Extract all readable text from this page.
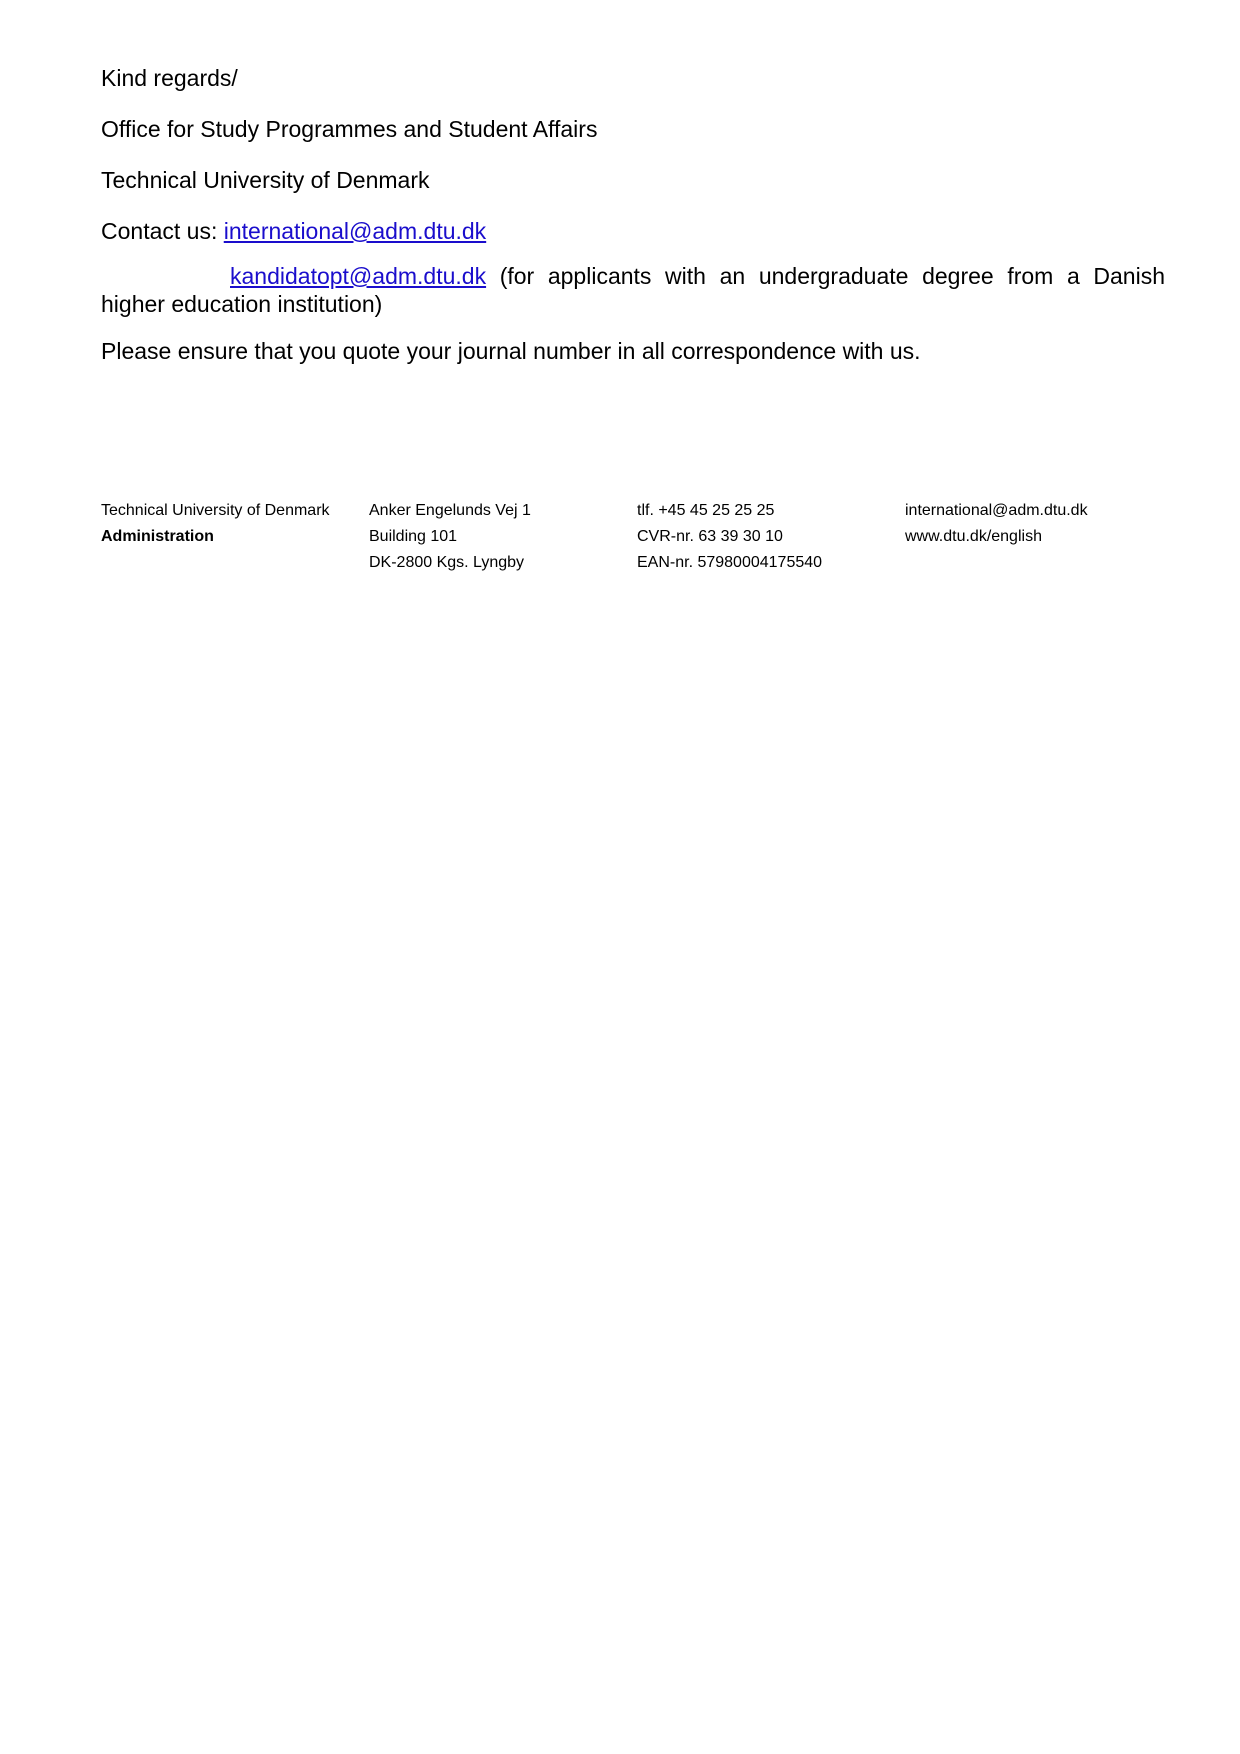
Kind regards/

Office for Study Programmes and Student Affairs

Technical University of Denmark

Contact us: international@adm.dtu.dk

kandidatopt@adm.dtu.dk (for applicants with an undergraduate degree from a Danish higher education institution)

Please ensure that you quote your journal number in all correspondence with us.

Technical University of Denmark
Administration
Anker Engelunds Vej 1
Building 101
DK-2800 Kgs. Lyngby
tlf. +45 45 25 25 25
CVR-nr. 63 39 30 10
EAN-nr. 57980004175540
international@adm.dtu.dk
www.dtu.dk/english
